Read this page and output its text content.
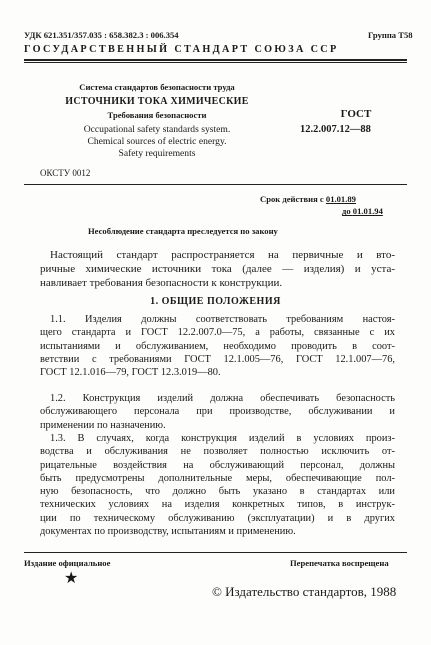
УДК 621.351/357.035 : 658.382.3 : 006.354	Группа Т58
ГОСУДАРСТВЕННЫЙ СТАНДАРТ СОЮЗА ССР
Система стандартов безопасности труда
ИСТОЧНИКИ ТОКА ХИМИЧЕСКИЕ
Требования безопасности
Occupational safety standards system.
Chemical sources of electric energy.
Safety requirements
ГОСТ
12.2.007.12—88
ОКСТУ 0012
Срок действия с 01.01.89
до 01.01.94
Несоблюдение стандарта преследуется по закону
Настоящий стандарт распространяется на первичные и вто-
ричные химические источники тока (далее — изделия) и уста-
навливает требования безопасности к конструкции.
1. ОБЩИЕ ПОЛОЖЕНИЯ
1.1. Изделия должны соответствовать требованиям настоя-
щего стандарта и ГОСТ 12.2.007.0—75, а работы, связанные с их
испытаниями и обслуживанием, необходимо проводить в соот-
ветствии с требованиями ГОСТ 12.1.005—76, ГОСТ 12.1.007—76,
ГОСТ 12.1.016—79, ГОСТ 12.3.019—80.
1.2. Конструкция изделий должна обеспечивать безопасность
обслуживающего персонала при производстве, обслуживании и
применении по назначению.
1.3. В случаях, когда конструкция изделий в условиях произ-
водства и обслуживания не позволяет полностью исключить от-
рицательные воздействия на обслуживающий персонал, должны
быть предусмотрены дополнительные меры, обеспечивающие пол-
ную безопасность, что должно быть указано в стандартах или
технических условиях на изделия конкретных типов, в инструк-
ции по техническому обслуживанию (эксплуатации) и в других
документах по производству, испытаниям и применению.
Издание официальное
★
Перепечатка воспрещена
© Издательство стандартов, 1988
